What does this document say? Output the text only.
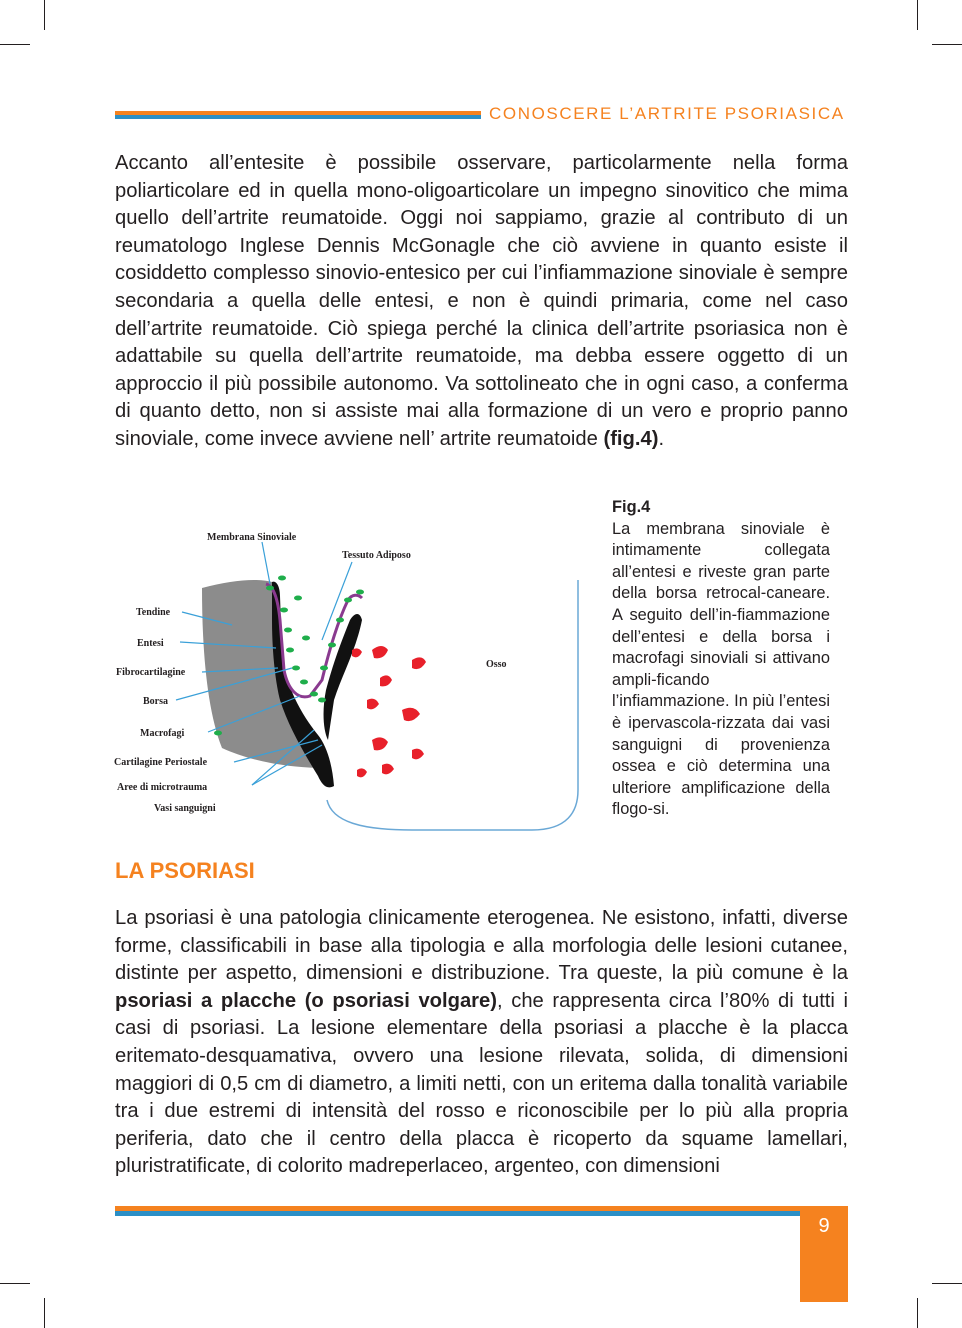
CONOSCERE L’ARTRITE PSORIASICA

Accanto all’entesite è possibile osservare, particolarmente nella forma poliarticolare ed in quella mono-oligoarticolare un impegno sinovitico che mima quello dell’artrite reumatoide. Oggi noi sappiamo, grazie al contributo di un reumatologo Inglese Dennis McGonagle che ciò avviene in quanto esiste il cosiddetto complesso sinovio-entesico per cui l’infiammazione sinoviale è sempre secondaria a quella delle entesi, e non è quindi primaria, come nel caso dell’artrite reumatoide. Ciò spiega perché la clinica dell’artrite psoriasica non è adattabile su quella dell’artrite reumatoide, ma debba essere oggetto di un approccio il più possibile autonomo. Va sottolineato che in ogni caso, a conferma di quanto detto, non si assiste mai alla formazione di un vero e proprio panno sinoviale, come invece avviene nell’ artrite reumatoide (fig.4).

Membrana Sinoviale
Tessuto Adiposo
Tendine
Entesi
Fibrocartilagine
Borsa
Macrofagi
Cartilagine Periostale
Aree di microtrauma
Vasi sanguigni
Osso
Fig.4
La membrana sinoviale è intimamente collegata all’entesi e riveste gran parte della borsa retrocal-caneare. A seguito dell’in-fiammazione dell’entesi e della borsa i macrofagi sinoviali si attivano ampli-ficando l’infiammazione. In più l’entesi è ipervascola-rizzata dai vasi sanguigni di provenienza ossea e ciò determina una ulteriore amplificazione della flogo-si.
LA PSORIASI

La psoriasi è una patologia clinicamente eterogenea. Ne esistono, infatti, diverse forme, classificabili in base alla tipologia e alla morfologia delle lesioni cutanee, distinte per aspetto, dimensioni e distribuzione. Tra queste, la più comune è la psoriasi a placche (o psoriasi volgare), che rappresenta circa l’80% di tutti i casi di psoriasi. La lesione elementare della psoriasi a placche è la placca eritemato-desquamativa, ovvero una lesione rilevata, solida, di dimensioni maggiori di 0,5 cm di diametro, a limiti netti, con un eritema dalla tonalità variabile tra i due estremi di intensità del rosso e riconoscibile per lo più alla propria periferia, dato che il centro della placca è ricoperto da squame lamellari, pluristratificate, di colorito madreperlaceo, argenteo, con dimensioni

9
